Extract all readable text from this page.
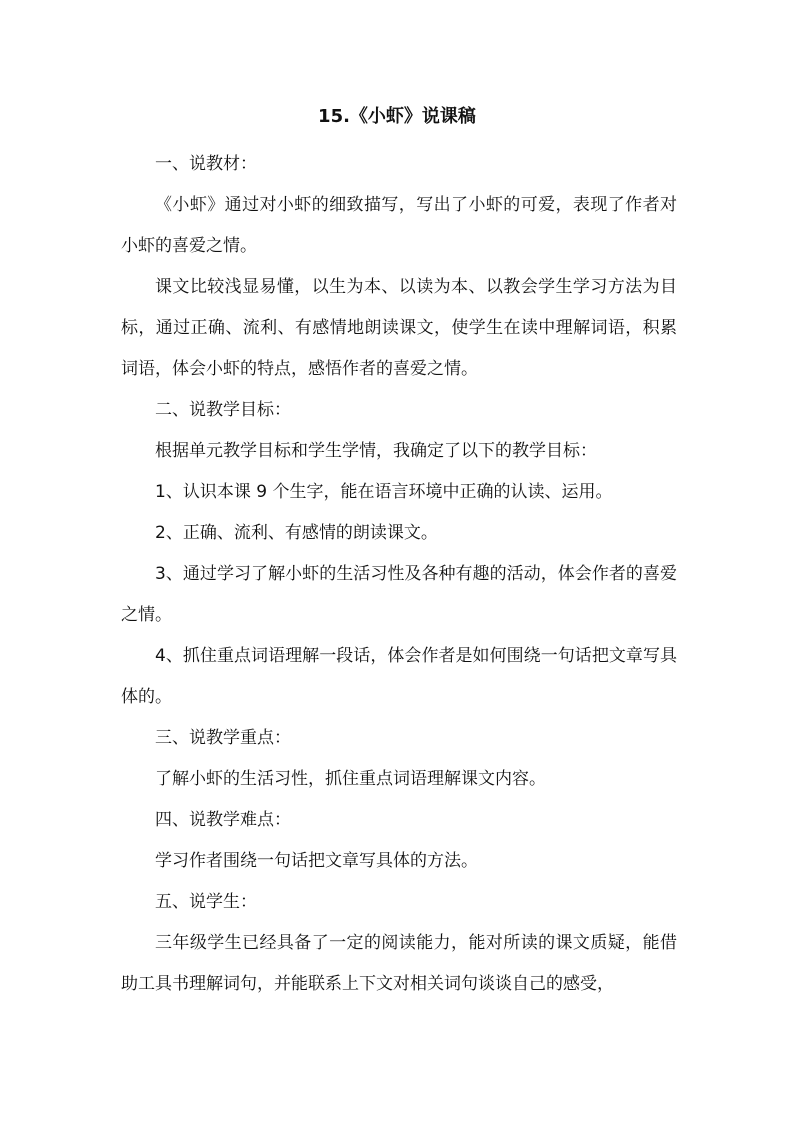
15.《小虾》说课稿

一、说教材：

《小虾》通过对小虾的细致描写，写出了小虾的可爱，表现了作者对小虾的喜爱之情。

课文比较浅显易懂，以生为本、以读为本、以教会学生学习方法为目标，通过正确、流利、有感情地朗读课文，使学生在读中理解词语，积累词语，体会小虾的特点，感悟作者的喜爱之情。

二、说教学目标：

根据单元教学目标和学生学情，我确定了以下的教学目标：

1、认识本课 9 个生字，能在语言环境中正确的认读、运用。

2、正确、流利、有感情的朗读课文。

3、通过学习了解小虾的生活习性及各种有趣的活动，体会作者的喜爱之情。

4、抓住重点词语理解一段话，体会作者是如何围绕一句话把文章写具体的。

三、说教学重点：

了解小虾的生活习性，抓住重点词语理解课文内容。

四、说教学难点：

学习作者围绕一句话把文章写具体的方法。

五、说学生：

三年级学生已经具备了一定的阅读能力，能对所读的课文质疑，能借助工具书理解词句，并能联系上下文对相关词句谈谈自己的感受，
